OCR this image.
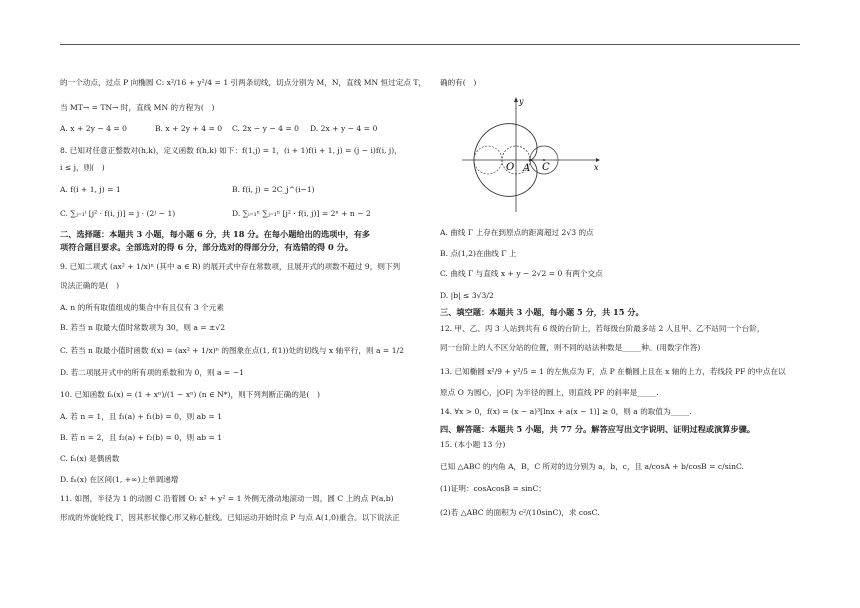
的一个动点，过点 P 向椭圆 C: x²/16 + y²/4 = 1 引两条切线，切点分别为 M，N，直线 MN 恒过定点 T，
当 MT→ = TN→ 时，直线 MN 的方程为(　)
A. x + 2y − 4 = 0	B. x + 2y + 4 = 0 C. 2x − y − 4 = 0 D. 2x + y − 4 = 0
8. 已知对任意正整数对(h,k)，定义函数 f(h,k) 如下：f(1,j) = 1，(i + 1)f(i + 1, j) = (j − i)f(i, j)，
i ≤ j，则(　)
A. f(i + 1, j) = 1	B. f(i, j) = 2C_j^(i−1)
C. ∑ⱼ₌₁ⁱ [j² · f(i, j)] = j · (2ʲ − 1)	D. ∑ᵢ₌₁ⁿ ∑ⱼ₌₁ⁿ [j² · f(i, j)] = 2ⁿ + n − 2
二、选择题：本题共 3 小题，每小题 6 分，共 18 分。在每小题给出的选项中，有多
项符合题目要求。全部选对的得 6 分，部分选对的得部分分，有选错的得 0 分。
9. 已知二项式 (ax² + 1/x)ⁿ (其中 a ∈ R) 的展开式中存在常数项，且展开式的项数不超过 9，则下列
说法正确的是(　)
A. n 的所有取值组成的集合中有且仅有 3 个元素
B. 若当 n 取最大值时常数项为 30，则 a = ±√2
C. 若当 n 取最小值时函数 f(x) = (ax² + 1/x)ⁿ 的图象在点(1, f(1))处的切线与 x 轴平行，则 a = 1/2
D. 若二项展开式中的所有项的系数和为 0，则 a = −1
10. 已知函数 fₙ(x) = (1 + xⁿ)/(1 − xⁿ) (n ∈ N*)，则下列判断正确的是(　)
A. 若 n = 1，且 f₁(a) + f₁(b) = 0，则 ab = 1
B. 若 n = 2，且 f₂(a) + f₂(b) = 0，则 ab = 1
C. fₙ(x) 是偶函数
D. fₙ(x) 在区间(1, +∞)上单调递增
11. 如图，半径为 1 的动圆 C 沿着圆 O: x² + y² = 1 外侧无滑动地滚动一周，圆 C 上的点 P(a,b)
形成的外旋轮线 Γ，因其形状像心形又称心脏线。已知运动开始时点 P 与点 A(1,0)重合。以下说法正
确的有(　)
y
x
O A C
A. 曲线 Γ 上存在到原点的距离超过 2√3 的点
B. 点(1,2)在曲线 Γ 上
C. 曲线 Γ 与直线 x + y − 2√2 = 0 有两个交点
D. |b| ≤ 3√3/2
三、填空题：本题共 3 小题，每小题 5 分，共 15 分。
12. 甲、乙、丙 3 人站到共有 6 级的台阶上，若每级台阶最多站 2 人且甲、乙不站同一个台阶，
同一台阶上的人不区分站的位置，则不同的站法种数是_____种。(用数字作答)
13. 已知椭圆 x²/9 + y²/5 = 1 的左焦点为 F，点 P 在椭圆上且在 x 轴的上方，若线段 PF 的中点在以
原点 O 为圆心，|OF| 为半径的圆上，则直线 PF 的斜率是_____.
14. ∀x > 0，f(x) = (x − a)³[lnx + a(x − 1)] ≥ 0，则 a 的取值为_____.
四、解答题：本题共 5 小题，共 77 分。解答应写出文字说明、证明过程或演算步骤。
15. (本小题 13 分)
已知 △ABC 的内角 A，B，C 所对的边分别为 a，b，c，且 a/cosA + b/cosB = c/sinC.
(1)证明：cosAcosB = sinC；
(2)若 △ABC 的面积为 c²/(10sinC)，求 cosC.
